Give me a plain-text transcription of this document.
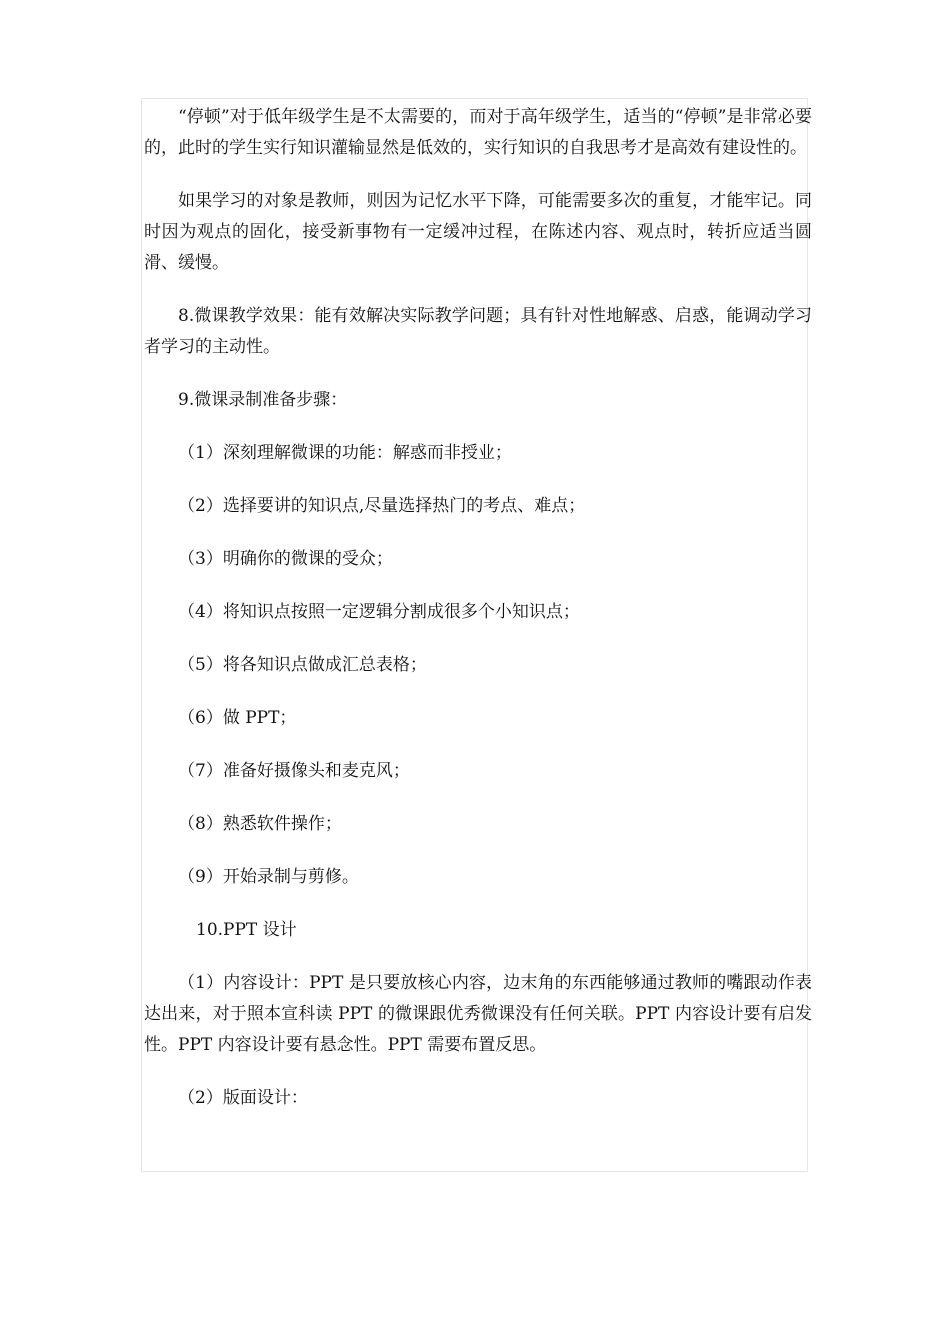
“停顿”对于低年级学生是不太需要的，而对于高年级学生，适当的“停顿”是非常必要的，此时的学生实行知识灌输显然是低效的，实行知识的自我思考才是高效有建设性的。

如果学习的对象是教师，则因为记忆水平下降，可能需要多次的重复，才能牢记。同时因为观点的固化，接受新事物有一定缓冲过程，在陈述内容、观点时，转折应适当圆滑、缓慢。

8.微课教学效果：能有效解决实际教学问题；具有针对性地解惑、启惑，能调动学习者学习的主动性。

9.微课录制准备步骤：

（1）深刻理解微课的功能：解惑而非授业；

（2）选择要讲的知识点,尽量选择热门的考点、难点；

（3）明确你的微课的受众；

（4）将知识点按照一定逻辑分割成很多个小知识点；

（5）将各知识点做成汇总表格；

（6）做 PPT；

（7）准备好摄像头和麦克风；

（8）熟悉软件操作；

（9）开始录制与剪修。

10.PPT 设计

（1）内容设计：PPT 是只要放核心内容，边末角的东西能够通过教师的嘴跟动作表达出来，对于照本宣科读 PPT 的微课跟优秀微课没有任何关联。PPT 内容设计要有启发性。PPT 内容设计要有悬念性。PPT 需要布置反思。

（2）版面设计：
